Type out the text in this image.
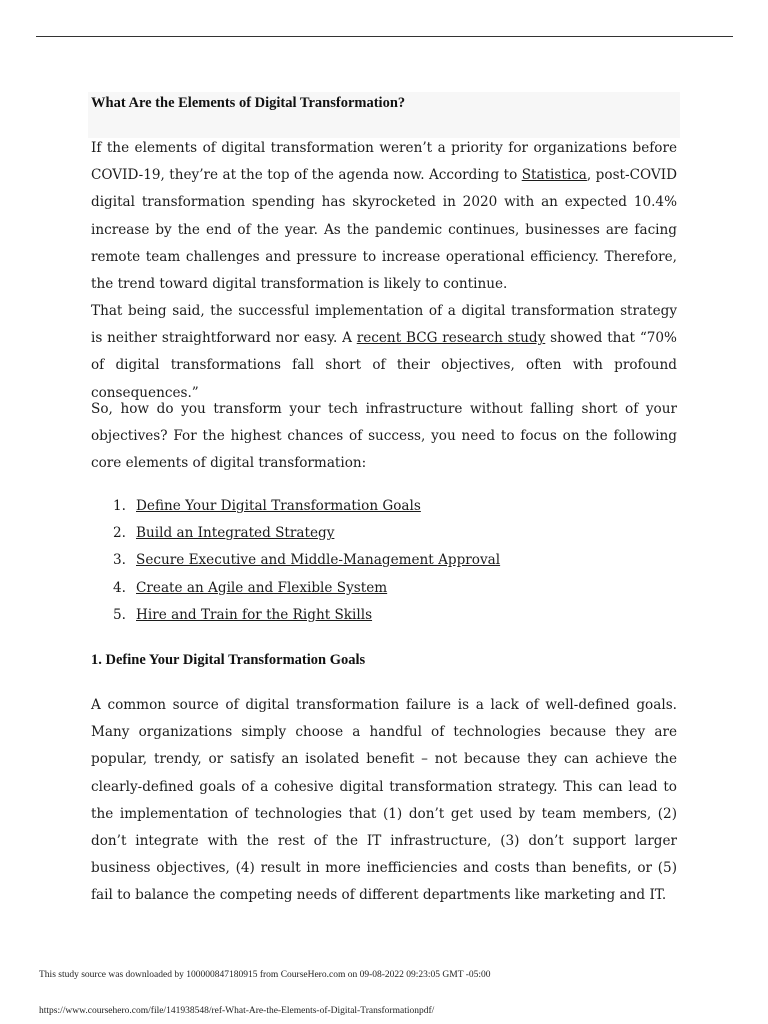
What Are the Elements of Digital Transformation?

If the elements of digital transformation weren’t a priority for organizations before COVID-19, they’re at the top of the agenda now. According to Statistica, post-COVID digital transformation spending has skyrocketed in 2020 with an expected 10.4% increase by the end of the year. As the pandemic continues, businesses are facing remote team challenges and pressure to increase operational efficiency. Therefore, the trend toward digital transformation is likely to continue.

That being said, the successful implementation of a digital transformation strategy is neither straightforward nor easy. A recent BCG research study showed that “70% of digital transformations fall short of their objectives, often with profound consequences.”

So, how do you transform your tech infrastructure without falling short of your objectives? For the highest chances of success, you need to focus on the following core elements of digital transformation:

1. Define Your Digital Transformation Goals
2. Build an Integrated Strategy
3. Secure Executive and Middle-Management Approval
4. Create an Agile and Flexible System
5. Hire and Train for the Right Skills
1. Define Your Digital Transformation Goals

A common source of digital transformation failure is a lack of well-defined goals. Many organizations simply choose a handful of technologies because they are popular, trendy, or satisfy an isolated benefit – not because they can achieve the clearly-defined goals of a cohesive digital transformation strategy. This can lead to the implementation of technologies that (1) don’t get used by team members, (2) don’t integrate with the rest of the IT infrastructure, (3) don’t support larger business objectives, (4) result in more inefficiencies and costs than benefits, or (5) fail to balance the competing needs of different departments like marketing and IT.

This study source was downloaded by 100000847180915 from CourseHero.com on 09-08-2022 09:23:05 GMT -05:00

https://www.coursehero.com/file/141938548/ref-What-Are-the-Elements-of-Digital-Transformationpdf/
